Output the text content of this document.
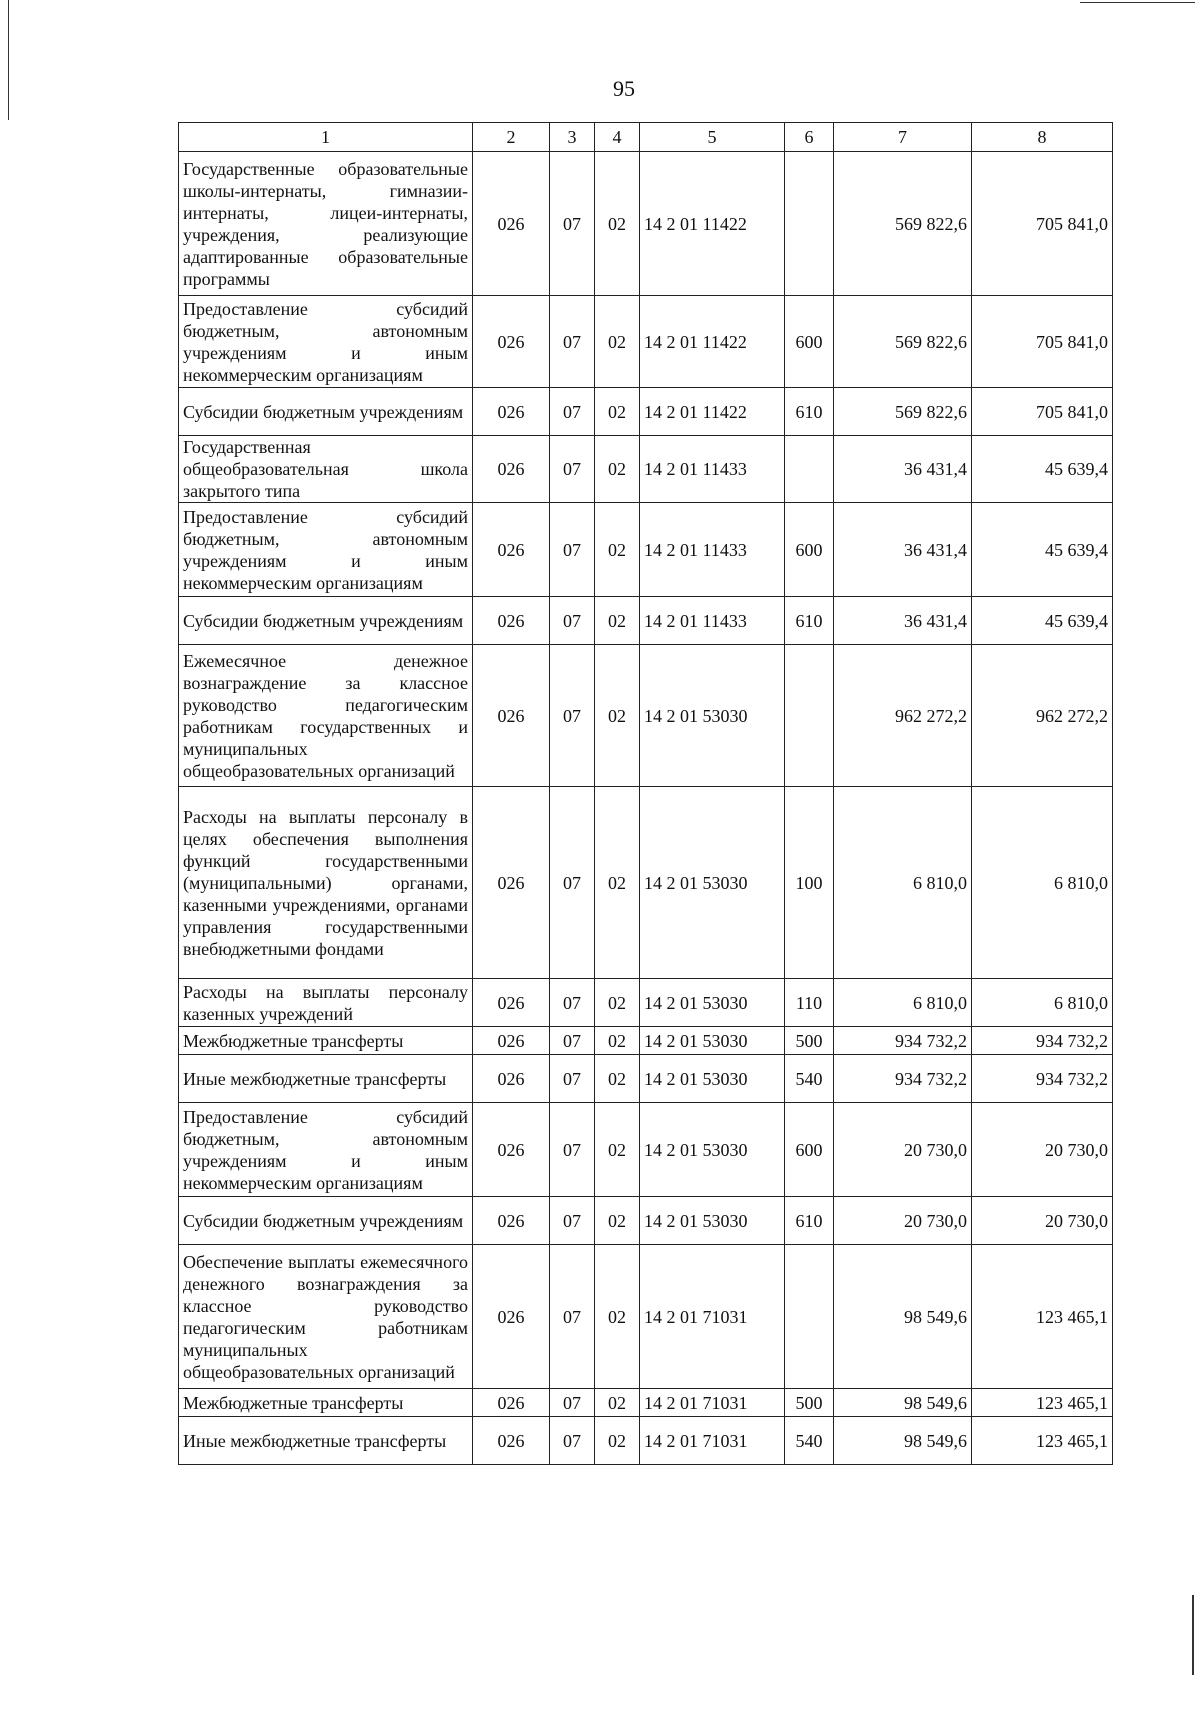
95
1	2	3	4	5	6	7	8
Государственные образовательные школы-интернаты, гимназии-интернаты, лицеи-интернаты, учреждения, реализующие адаптированные образовательные программы	026	07	02	14 2 01 11422		569 822,6	705 841,0
Предоставление субсидий бюджетным, автономным учреждениям и иным некоммерческим организациям	026	07	02	14 2 01 11422	600	569 822,6	705 841,0
Субсидии бюджетным учреждениям	026	07	02	14 2 01 11422	610	569 822,6	705 841,0
Государственная общеобразовательная школа закрытого типа	026	07	02	14 2 01 11433		36 431,4	45 639,4
Предоставление субсидий бюджетным, автономным учреждениям и иным некоммерческим организациям	026	07	02	14 2 01 11433	600	36 431,4	45 639,4
Субсидии бюджетным учреждениям	026	07	02	14 2 01 11433	610	36 431,4	45 639,4
Ежемесячное денежное вознаграждение за классное руководство педагогическим работникам государственных и муниципальных общеобразовательных организаций	026	07	02	14 2 01 53030		962 272,2	962 272,2
Расходы на выплаты персоналу в целях обеспечения выполнения функций государственными (муниципальными) органами, казенными учреждениями, органами управления государственными внебюджетными фондами	026	07	02	14 2 01 53030	100	6 810,0	6 810,0
Расходы на выплаты персоналу казенных учреждений	026	07	02	14 2 01 53030	110	6 810,0	6 810,0
Межбюджетные трансферты	026	07	02	14 2 01 53030	500	934 732,2	934 732,2
Иные межбюджетные трансферты	026	07	02	14 2 01 53030	540	934 732,2	934 732,2
Предоставление субсидий бюджетным, автономным учреждениям и иным некоммерческим организациям	026	07	02	14 2 01 53030	600	20 730,0	20 730,0
Субсидии бюджетным учреждениям	026	07	02	14 2 01 53030	610	20 730,0	20 730,0
Обеспечение выплаты ежемесячного денежного вознаграждения за классное руководство педагогическим работникам муниципальных общеобразовательных организаций	026	07	02	14 2 01 71031		98 549,6	123 465,1
Межбюджетные трансферты	026	07	02	14 2 01 71031	500	98 549,6	123 465,1
Иные межбюджетные трансферты	026	07	02	14 2 01 71031	540	98 549,6	123 465,1
